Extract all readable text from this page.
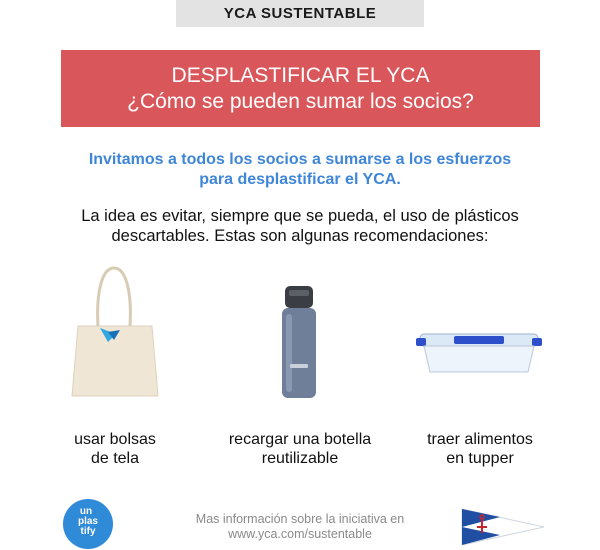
YCA SUSTENTABLE
DESPLASTIFICAR EL YCA
¿Cómo se pueden sumar los socios?
Invitamos a todos los socios a sumarse a los esfuerzos
para desplastificar el YCA.
La idea es evitar, siempre que se pueda, el uso de plásticos
descartables. Estas son algunas recomendaciones:
usar bolsas
de tela
recargar una botella
reutilizable
traer alimentos
en tupper
un
plas
tify
Mas información sobre la iniciativa en
www.yca.com/sustentable
